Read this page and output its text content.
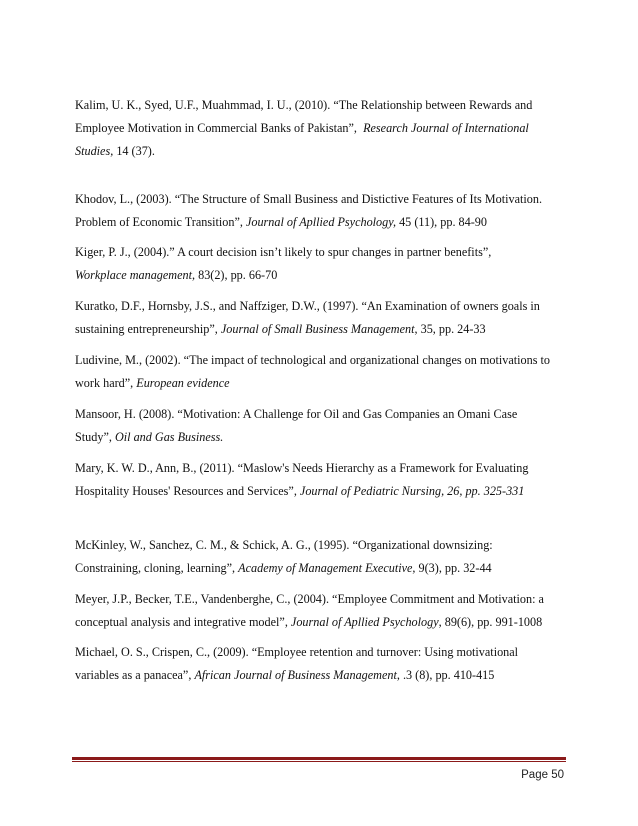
Kalim, U. K., Syed, U.F., Muahmmad, I. U., (2010). “The Relationship between Rewards and
Employee Motivation in Commercial Banks of Pakistan”, Research Journal of International
Studies, 14 (37).
Khodov, L., (2003). “The Structure of Small Business and Distictive Features of Its Motivation.
Problem of Economic Transition”, Journal of Apllied Psychology, 45 (11), pp. 84-90
Kiger, P. J., (2004).” A court decision isn’t likely to spur changes in partner benefits”,
Workplace management, 83(2), pp. 66-70
Kuratko, D.F., Hornsby, J.S., and Naffziger, D.W., (1997). “An Examination of owners goals in
sustaining entrepreneurship”, Journal of Small Business Management, 35, pp. 24-33
Ludivine, M., (2002). “The impact of technological and organizational changes on motivations to
work hard”, European evidence
Mansoor, H. (2008). “Motivation: A Challenge for Oil and Gas Companies an Omani Case
Study”, Oil and Gas Business.
Mary, K. W. D., Ann, B., (2011). “Maslow's Needs Hierarchy as a Framework for Evaluating
Hospitality Houses' Resources and Services”, Journal of Pediatric Nursing, 26, pp. 325-331
McKinley, W., Sanchez, C. M., & Schick, A. G., (1995). “Organizational downsizing:
Constraining, cloning, learning”, Academy of Management Executive, 9(3), pp. 32-44
Meyer, J.P., Becker, T.E., Vandenberghe, C., (2004). “Employee Commitment and Motivation: a
conceptual analysis and integrative model”, Journal of Apllied Psychology, 89(6), pp. 991-1008
Michael, O. S., Crispen, C., (2009). “Employee retention and turnover: Using motivational
variables as a panacea”, African Journal of Business Management, .3 (8), pp. 410-415
Page 50
